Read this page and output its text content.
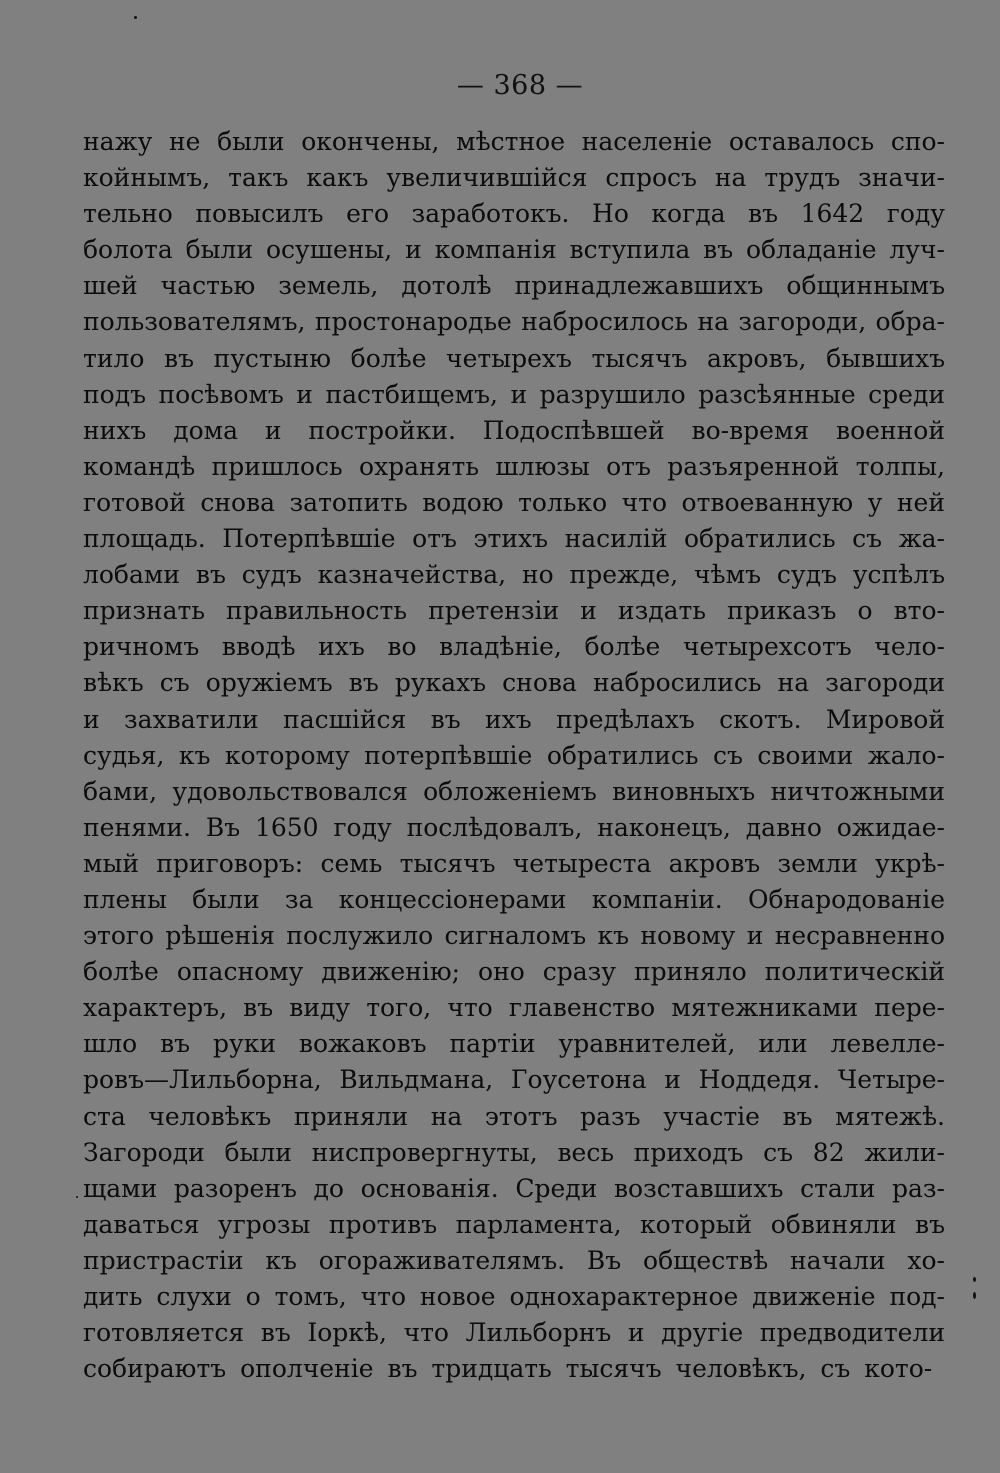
— 368 —
нажу не были окончены, мѣстное населеніе оставалось спо-
койнымъ, такъ какъ увеличившійся спросъ на трудъ значи-
тельно повысилъ его заработокъ. Но когда въ 1642 году
болота были осушены, и компанія вступила въ обладаніе луч-
шей частью земель, дотолѣ принадлежавшихъ общиннымъ
пользователямъ, простонародье набросилось на загороди, обра-
тило въ пустыню болѣе четырехъ тысячъ акровъ, бывшихъ
подъ посѣвомъ и пастбищемъ, и разрушило разсѣянные среди
нихъ дома и постройки. Подоспѣвшей во-время военной
командѣ пришлось охранять шлюзы отъ разъяренной толпы,
готовой снова затопить водою только что отвоеванную у ней
площадь. Потерпѣвшіе отъ этихъ насилій обратились съ жа-
лобами въ судъ казначейства, но прежде, чѣмъ судъ успѣлъ
признать правильность претензіи и издать приказъ о вто-
ричномъ вводѣ ихъ во владѣніе, болѣе четырехсотъ чело-
вѣкъ съ оружіемъ въ рукахъ снова набросились на загороди
и захватили пасшійся въ ихъ предѣлахъ скотъ. Мировой
судья, къ которому потерпѣвшіе обратились съ своими жало-
бами, удовольствовался обложеніемъ виновныхъ ничтожными
пенями. Въ 1650 году послѣдовалъ, наконецъ, давно ожидае-
мый приговоръ: семь тысячъ четыреста акровъ земли укрѣ-
плены были за концессіонерами компаніи. Обнародованіе
этого рѣшенія послужило сигналомъ къ новому и несравненно
болѣе опасному движенію; оно сразу приняло политическій
характеръ, въ виду того, что главенство мятежниками пере-
шло въ руки вожаковъ партіи уравнителей, или левелле-
ровъ—Лильборна, Вильдмана, Гоусетона и Ноддедя. Четыре-
ста человѣкъ приняли на этотъ разъ участіе въ мятежѣ.
Загороди были ниспровергнуты, весь приходъ съ 82 жили-
щами разоренъ до основанія. Среди возставшихъ стали раз-
даваться угрозы противъ парламента, который обвиняли въ
пристрастіи къ огораживателямъ. Въ обществѣ начали хо-
дить слухи о томъ, что новое однохарактерное движеніе под-
готовляется въ Іоркѣ, что Лильборнъ и другіе предводители
собираютъ ополченіе въ тридцать тысячъ человѣкъ, съ кото-
